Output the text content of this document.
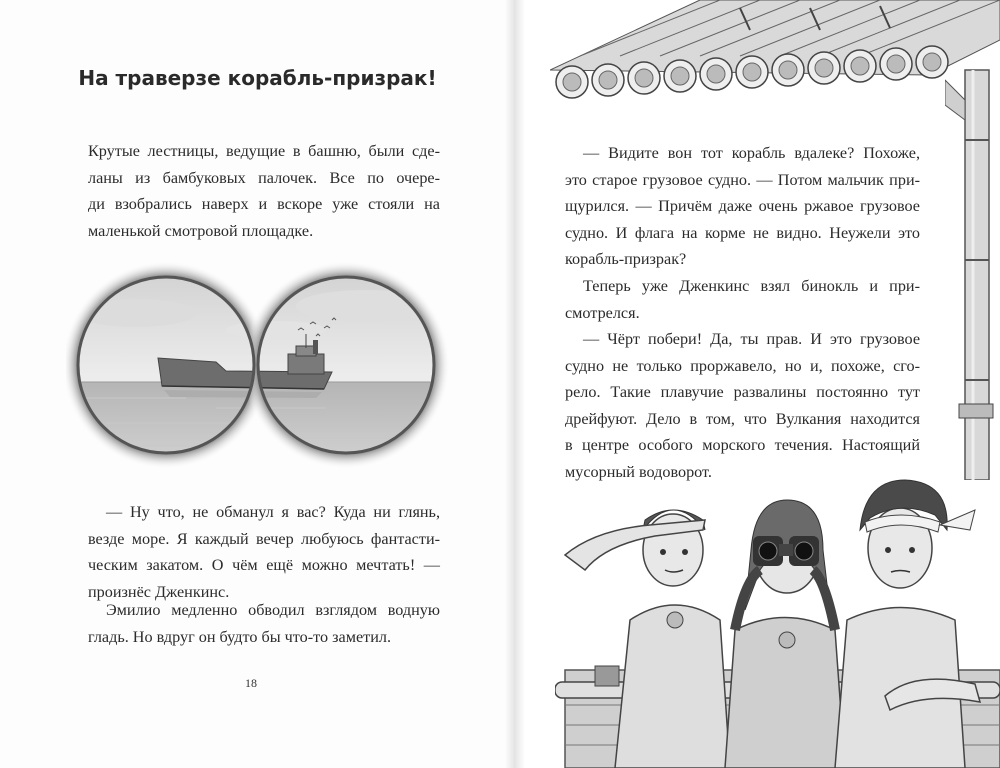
На траверзе корабль-призрак!
Крутые лестницы, ведущие в башню, были сде-
ланы из бамбуковых палочек. Все по очере-
ди взобрались наверх и вскоре уже стояли на
маленькой смотровой площадке.
— Ну что, не обманул я вас? Куда ни глянь,
везде море. Я каждый вечер любуюсь фантасти-
ческим закатом. О чём ещё можно мечтать! —
произнёс Дженкинс.
Эмилио медленно обводил взглядом водную
гладь. Но вдруг он будто бы что-то заметил.
18
— Видите вон тот корабль вдалеке? Похоже,
это старое грузовое судно. — Потом мальчик при-
щурился. — Причём даже очень ржавое грузовое
судно. И флага на корме не видно. Неужели это
корабль-призрак?
Теперь уже Дженкинс взял бинокль и при-
смотрелся.
— Чёрт побери! Да, ты прав. И это грузовое
судно не только проржавело, но и, похоже, сго-
рело. Такие плавучие развалины постоянно тут
дрейфуют. Дело в том, что Вулкания находится
в центре особого морского течения. Настоящий
мусорный водоворот.
